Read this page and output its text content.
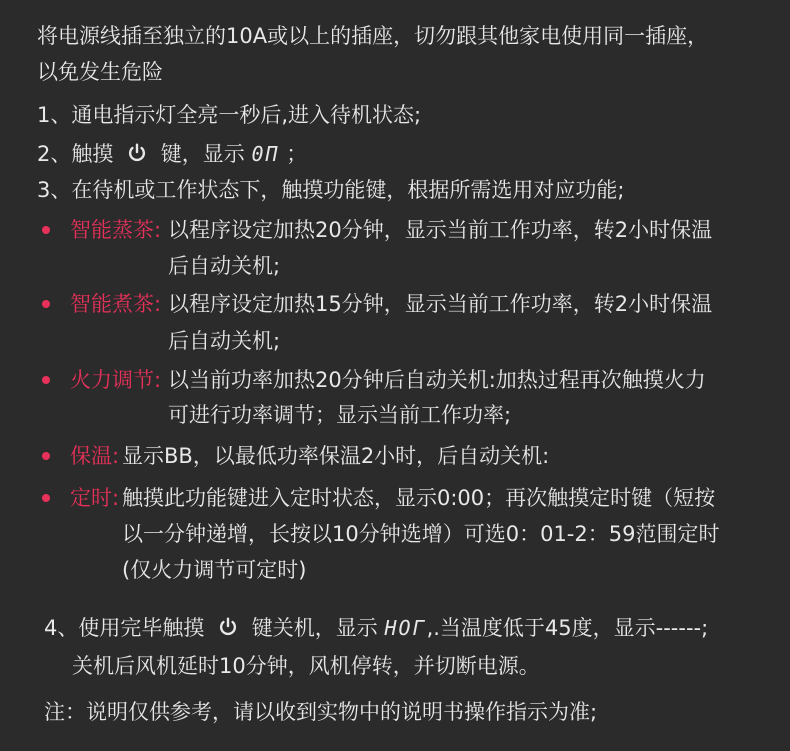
将电源线插至独立的10A或以上的插座，切勿跟其他家电使用同一插座，
以免发生危险
1、通电指示灯全亮一秒后,进入待机状态;
2、触摸 键，显示 0Π ；
3、在待机或工作状态下，触摸功能键，根据所需选用对应功能;
智能蒸茶: 以程序设定加热20分钟，显示当前工作功率，转2小时保温
后自动关机;
智能煮茶: 以程序设定加热15分钟，显示当前工作功率，转2小时保温
后自动关机;
火力调节: 以当前功率加热20分钟后自动关机:加热过程再次触摸火力
可进行功率调节；显示当前工作功率;
保温: 显示BB，以最低功率保温2小时，后自动关机:
定时: 触摸此功能键进入定时状态，显示0:00；再次触摸定时键（短按
以一分钟递增，长按以10分钟选增）可选0：01-2：59范围定时
(仅火力调节可定时)
4、使用完毕触摸 键关机，显示 HOΓ,.当温度低于45度，显示------;
关机后风机延时10分钟，风机停转，并切断电源。
注：说明仅供参考，请以收到实物中的说明书操作指示为准;
